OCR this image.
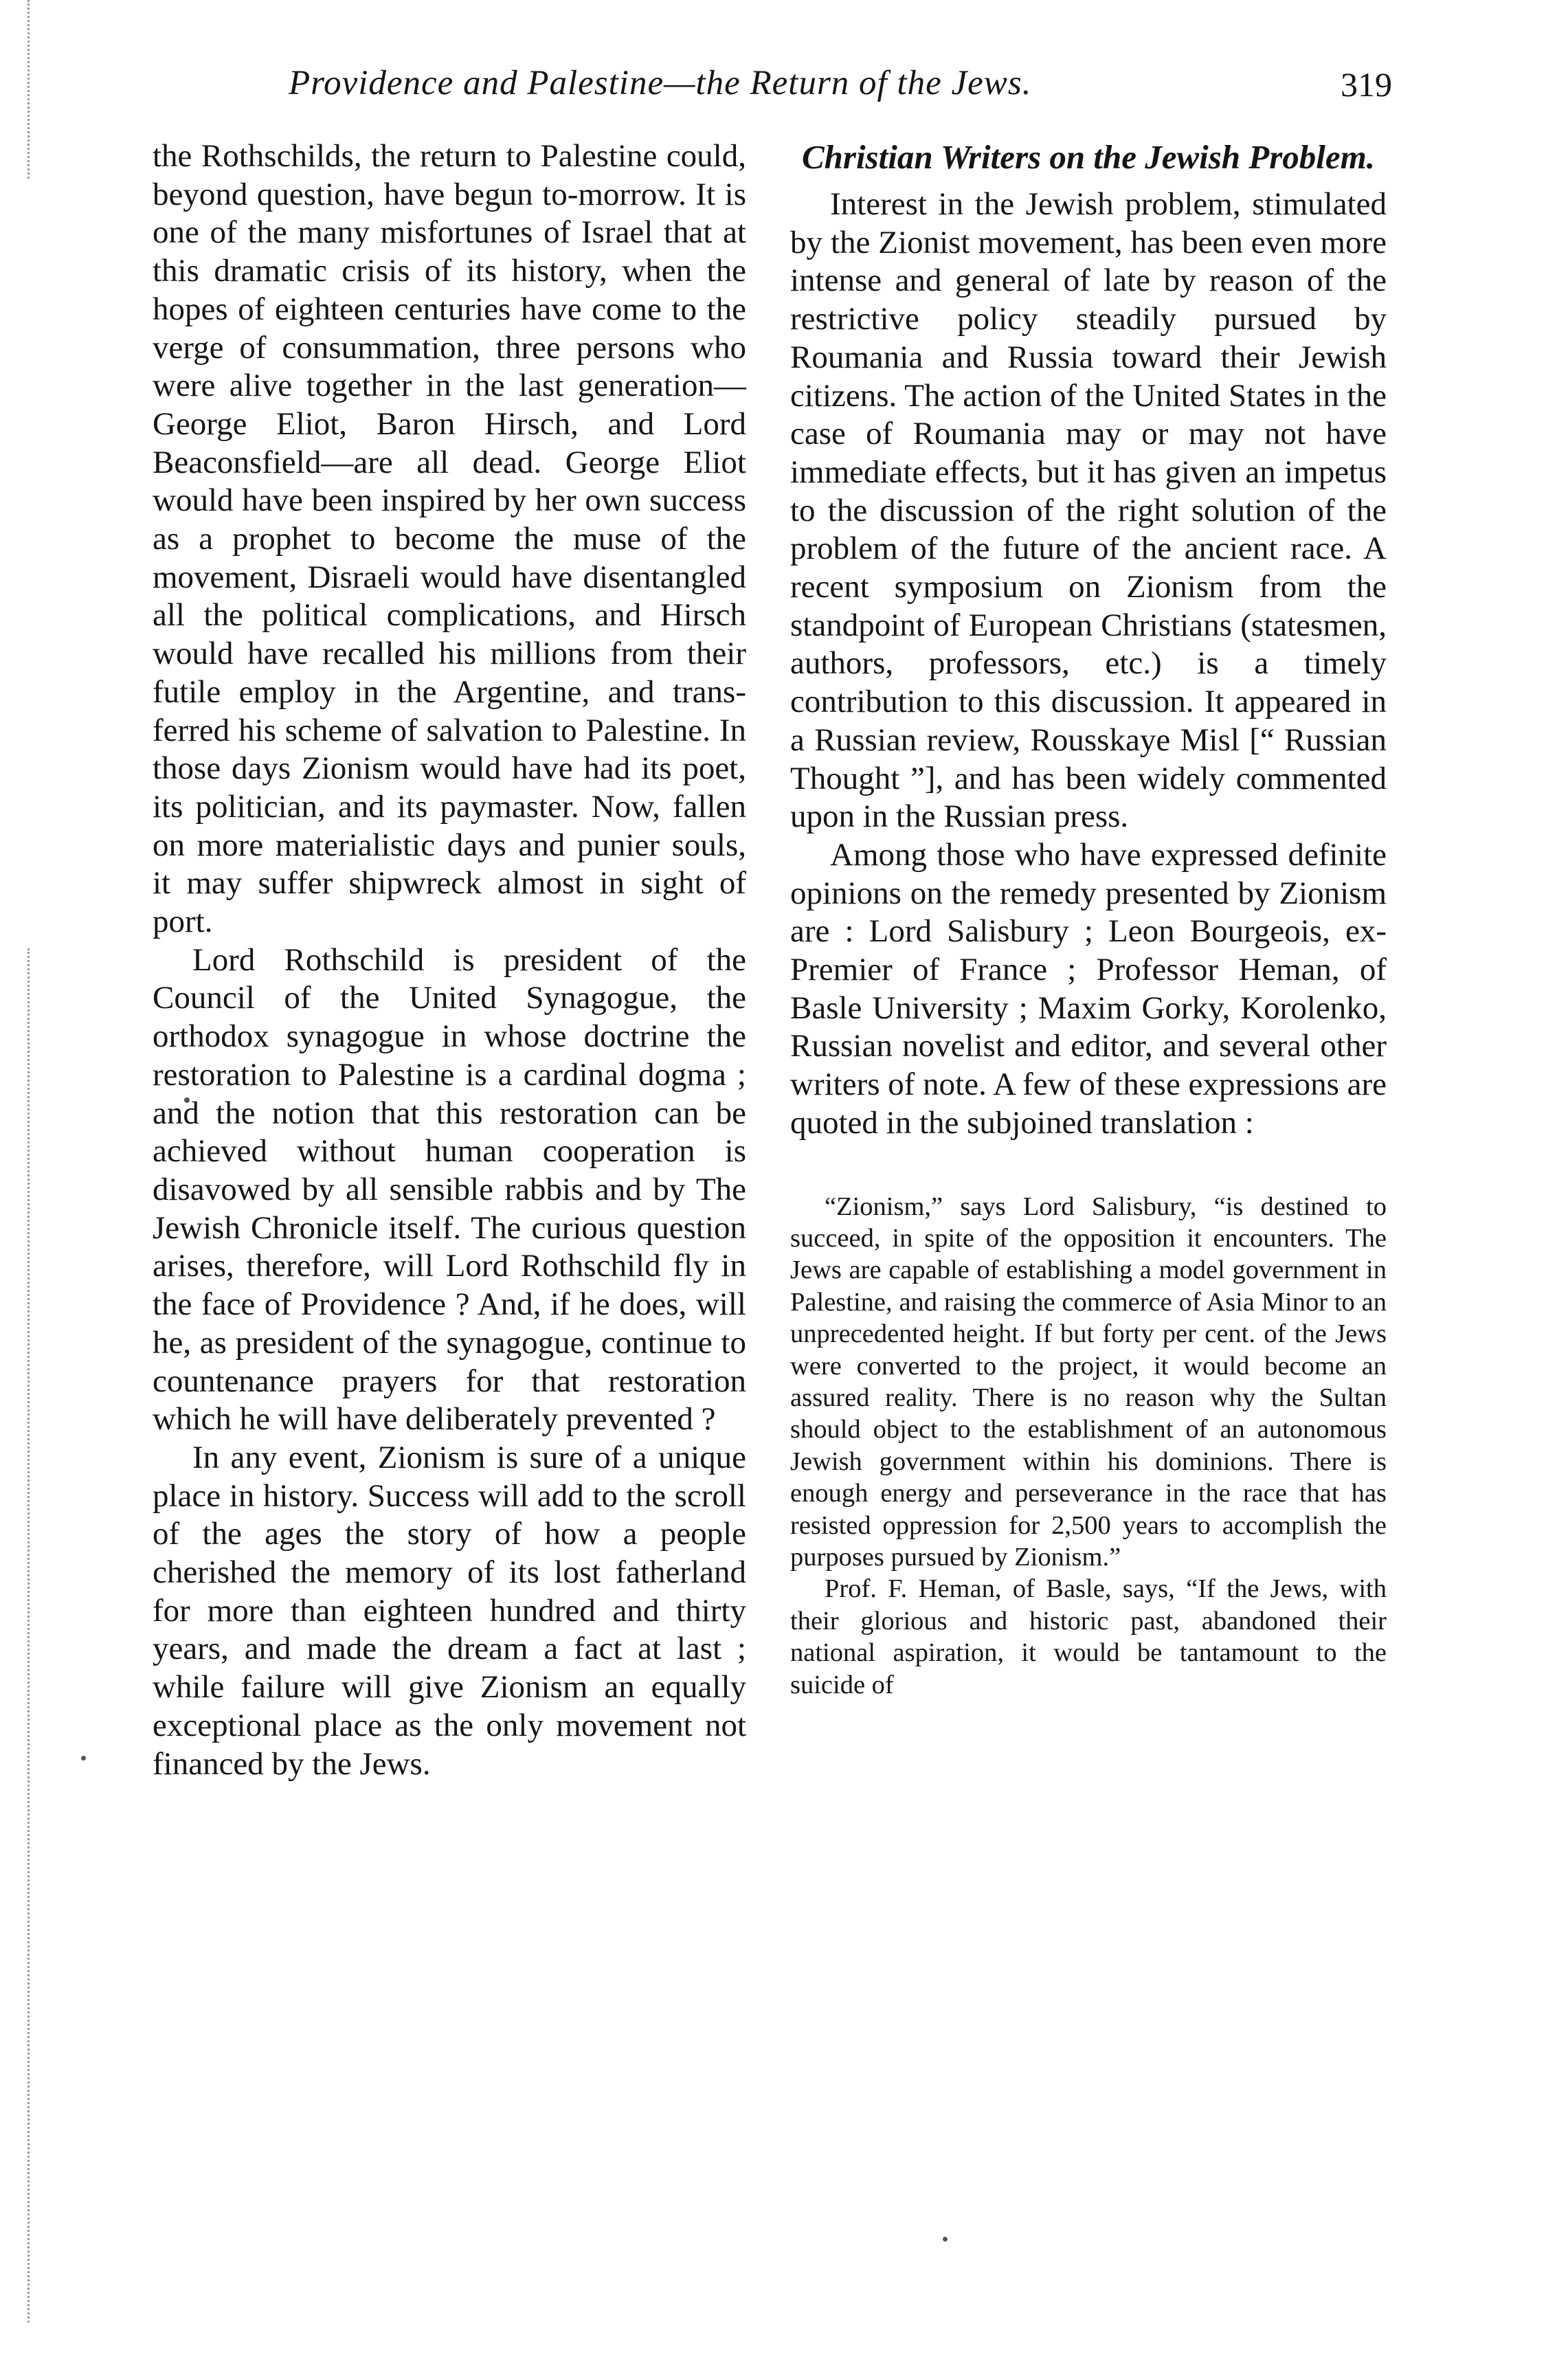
Providence and Palestine—the Return of the Jews.	319

the Rothschilds, the return to Palestine could, beyond question, have begun to-morrow. It is one of the many misfortunes of Israel that at this dramatic crisis of its history, when the hopes of eighteen centuries have come to the verge of consummation, three persons who were alive together in the last generation—George Eliot, Baron Hirsch, and Lord Beaconsfield—are all dead. George Eliot would have been inspired by her own success as a prophet to become the muse of the movement, Disraeli would have disentangled all the political complications, and Hirsch would have recalled his millions from their futile employ in the Argentine, and transferred his scheme of salvation to Palestine. In those days Zionism would have had its poet, its politician, and its paymaster. Now, fallen on more materialistic days and punier souls, it may suffer shipwreck almost in sight of port.

Lord Rothschild is president of the Council of the United Synagogue, the orthodox synagogue in whose doctrine the restoration to Palestine is a cardinal dogma ; and the notion that this restoration can be achieved without human cooperation is disavowed by all sensible rabbis and by The Jewish Chronicle itself. The curious question arises, therefore, will Lord Rothschild fly in the face of Providence ? And, if he does, will he, as president of the synagogue, continue to countenance prayers for that restoration which he will have deliberately prevented ?

In any event, Zionism is sure of a unique place in history. Success will add to the scroll of the ages the story of how a people cherished the memory of its lost fatherland for more than eighteen hundred and thirty years, and made the dream a fact at last ; while failure will give Zionism an equally exceptional place as the only movement not financed by the Jews.

Christian Writers on the Jewish Problem.

Interest in the Jewish problem, stimulated by the Zionist movement, has been even more intense and general of late by reason of the restrictive policy steadily pursued by Roumania and Russia toward their Jewish citizens. The action of the United States in the case of Roumania may or may not have immediate effects, but it has given an impetus to the discussion of the right solution of the problem of the future of the ancient race. A recent symposium on Zionism from the standpoint of European Christians (statesmen, authors, professors, etc.) is a timely contribution to this discussion. It appeared in a Russian review, Rousskaye Misl [“ Russian Thought ”], and has been widely commented upon in the Russian press.

Among those who have expressed definite opinions on the remedy presented by Zionism are : Lord Salisbury ; Leon Bourgeois, ex-Premier of France ; Professor Heman, of Basle University ; Maxim Gorky, Korolenko, Russian novelist and editor, and several other writers of note. A few of these expressions are quoted in the subjoined translation :

“Zionism,” says Lord Salisbury, “is destined to succeed, in spite of the opposition it encounters. The Jews are capable of establishing a model government in Palestine, and raising the commerce of Asia Minor to an unprecedented height. If but forty per cent. of the Jews were converted to the project, it would become an assured reality. There is no reason why the Sultan should object to the establishment of an autonomous Jewish government within his dominions. There is enough energy and perseverance in the race that has resisted oppression for 2,500 years to accomplish the purposes pursued by Zionism.”

Prof. F. Heman, of Basle, says, “If the Jews, with their glorious and historic past, abandoned their national aspiration, it would be tantamount to the suicide of
